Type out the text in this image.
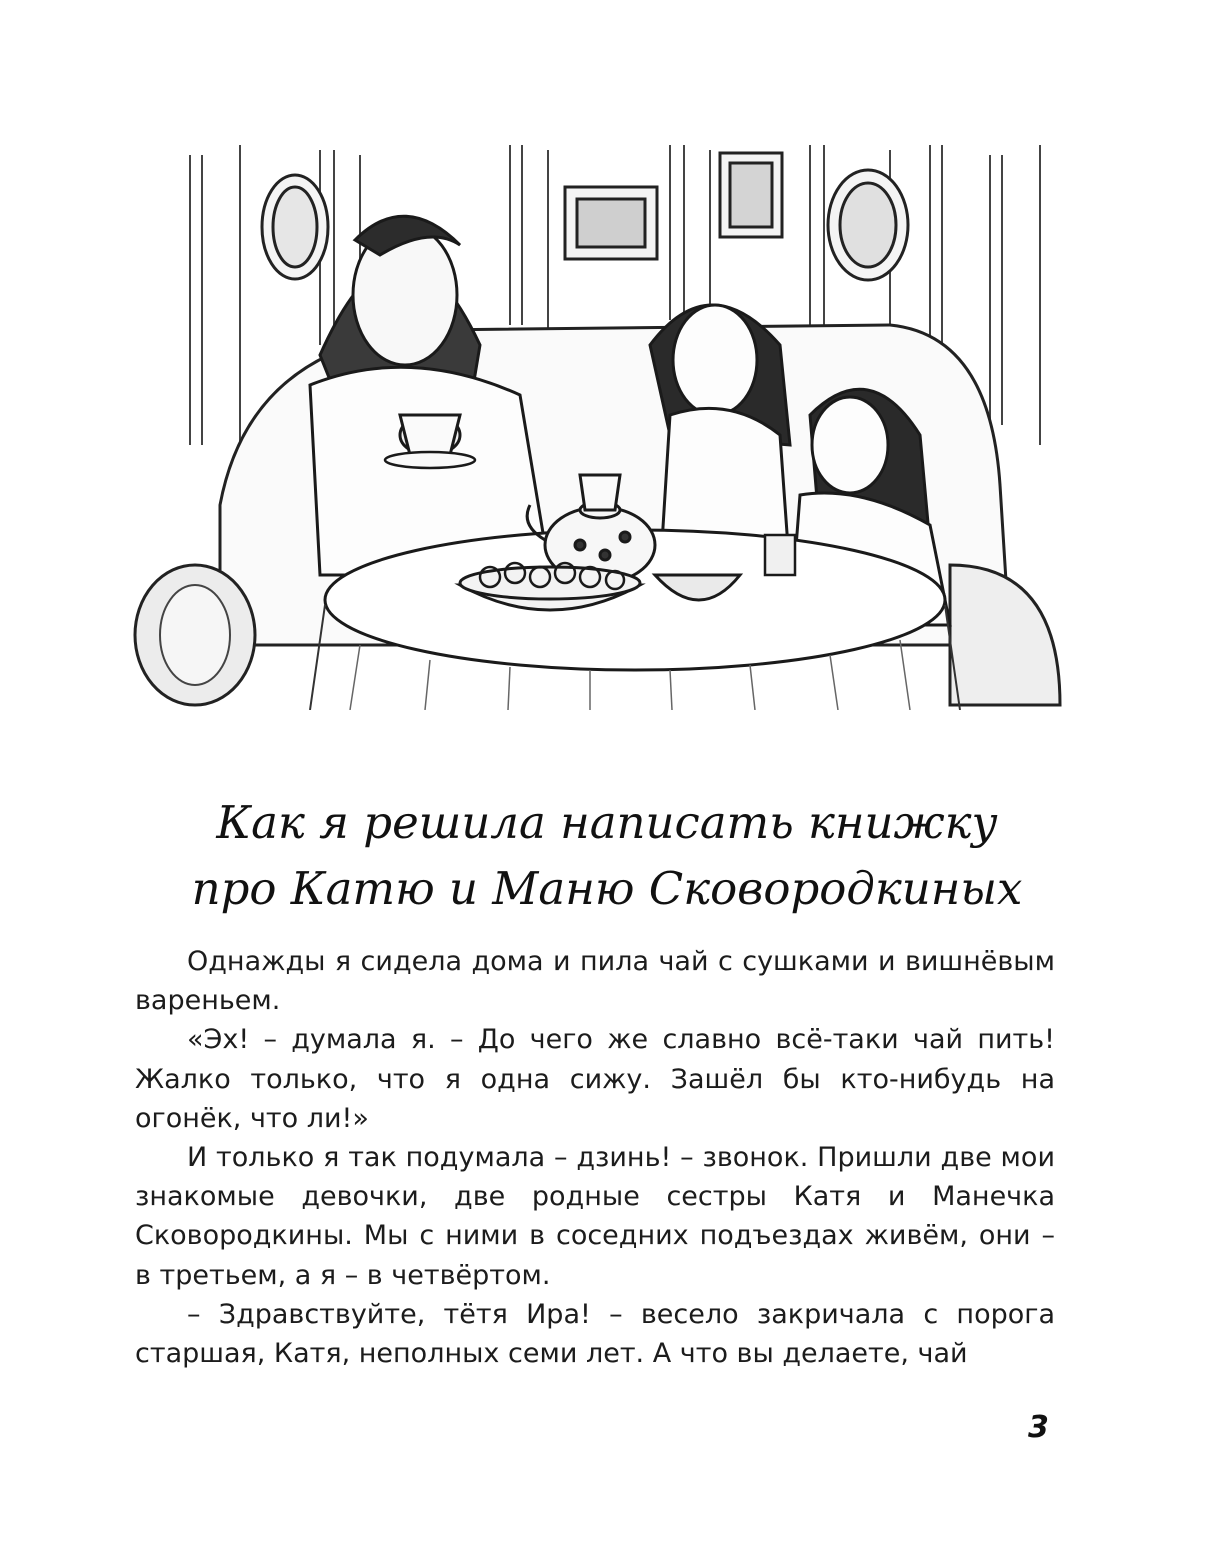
Как я решила написать книжку
про Катю и Маню Сковородкиных

Однажды я сидела дома и пила чай с сушками и вишнёвым вареньем.

«Эх! – думала я. – До чего же славно всё-таки чай пить! Жалко только, что я одна сижу. Зашёл бы кто-нибудь на огонёк, что ли!»

И только я так подумала – дзинь! – звонок. Пришли две мои знакомые девочки, две родные сестры Катя и Манечка Сковородкины. Мы с ними в соседних подъездах живём, они – в третьем, а я – в четвёртом.

– Здравствуйте, тётя Ира! – весело закричала с порога старшая, Катя, неполных семи лет. А что вы делаете, чай

3
